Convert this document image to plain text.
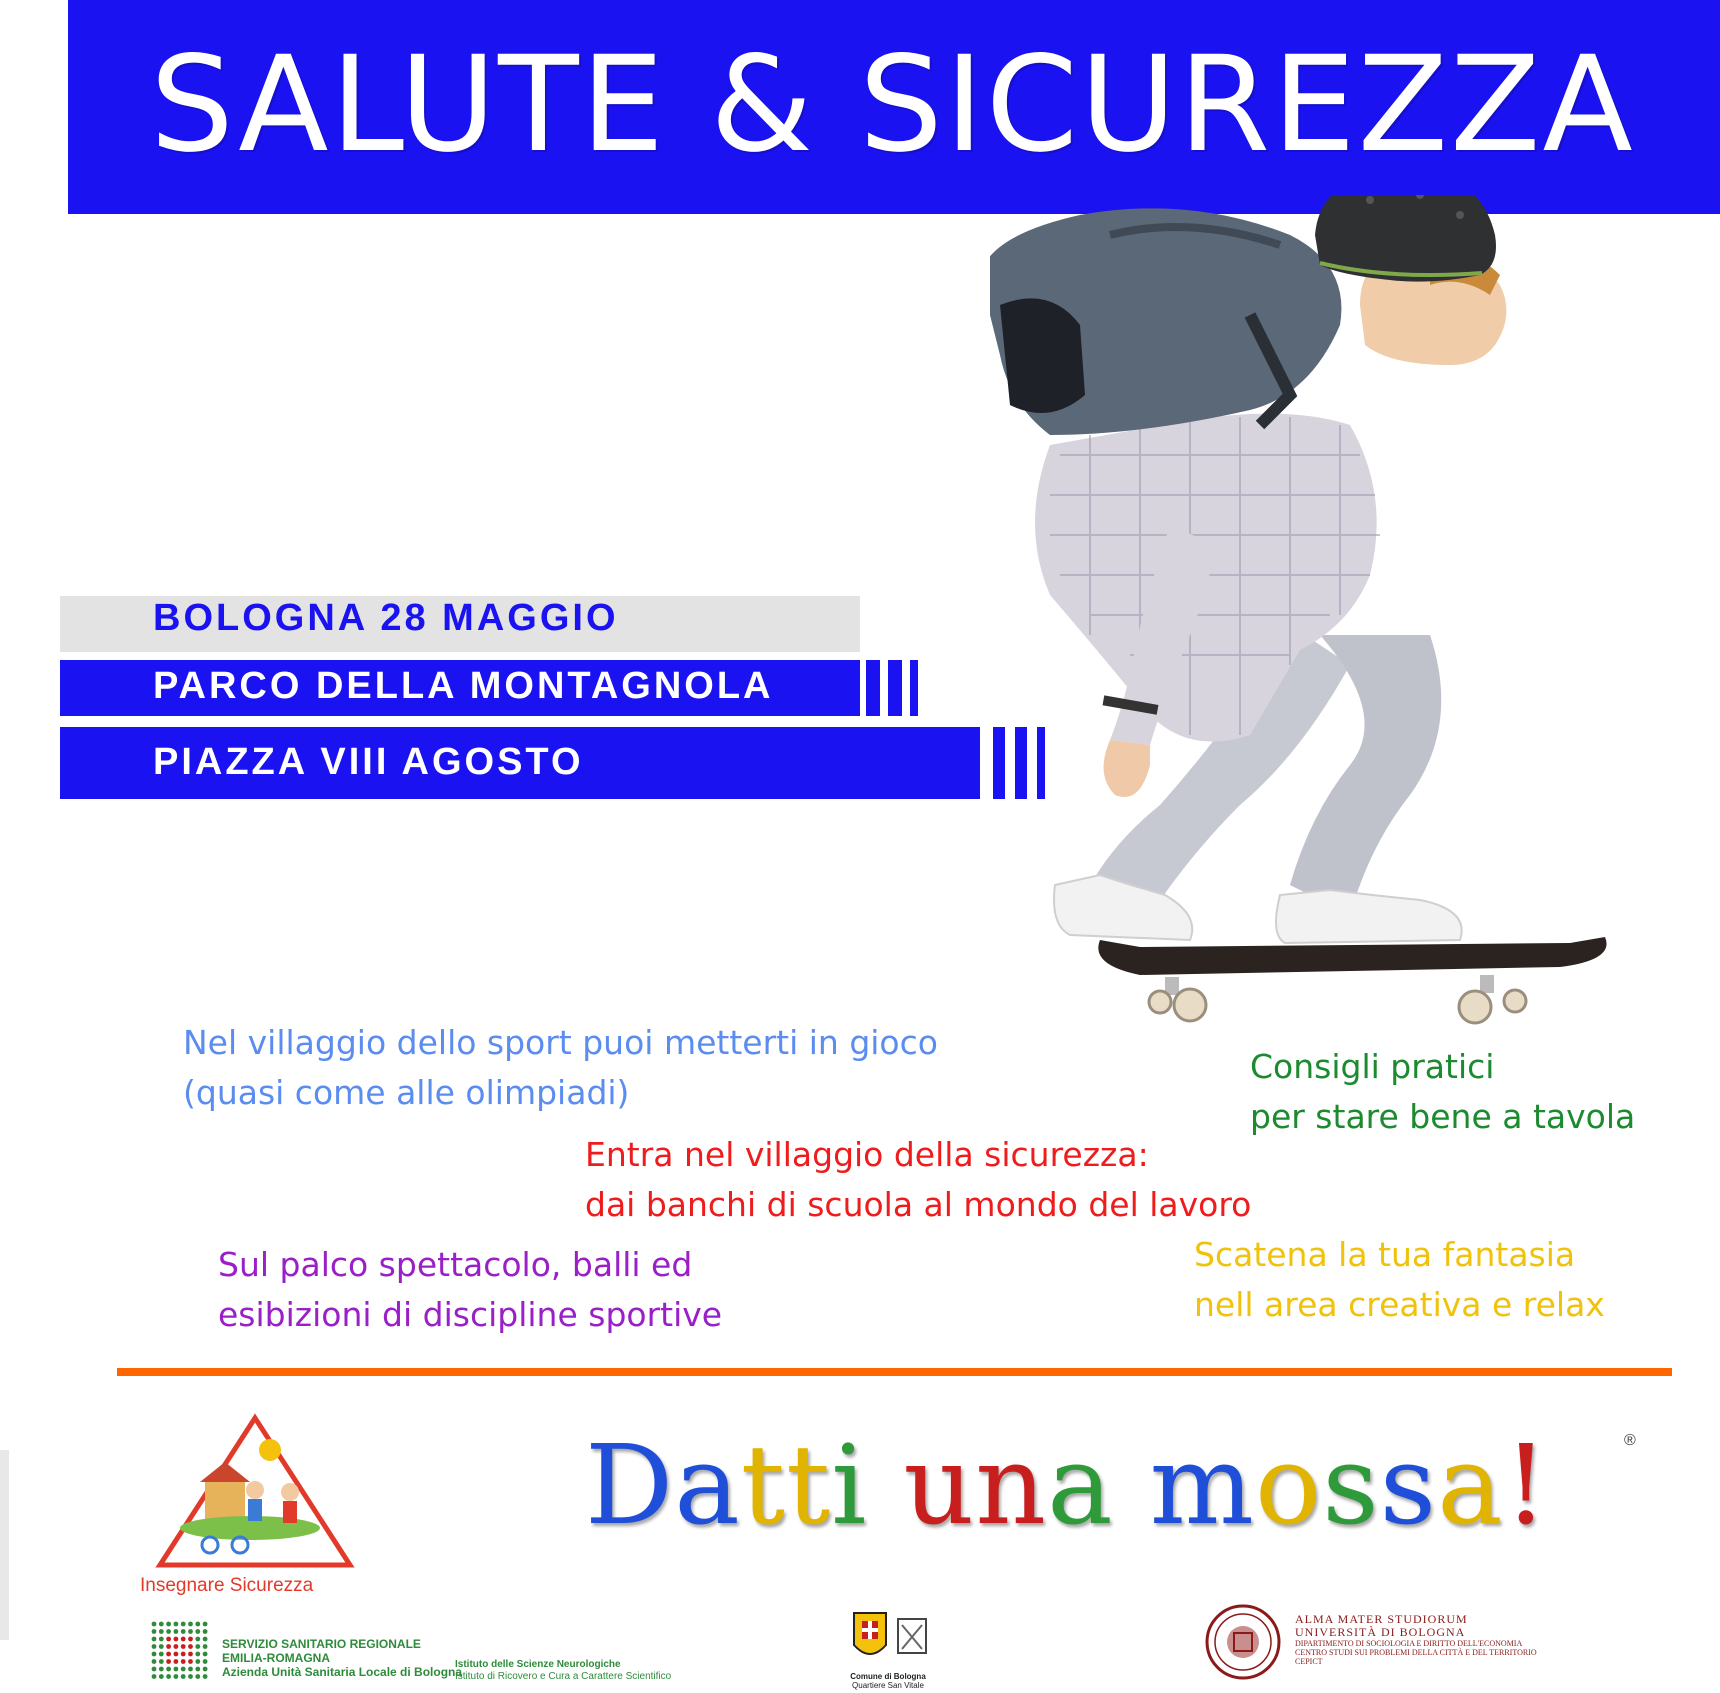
SALUTE & SICUREZZA
BOLOGNA 28 MAGGIO
PARCO DELLA MONTAGNOLA
PIAZZA VIII AGOSTO
Nel villaggio dello sport puoi metterti in gioco
(quasi come alle olimpiadi)
Consigli pratici
per stare bene a tavola
Entra nel villaggio della sicurezza:
dai banchi di scuola al mondo del lavoro
Sul palco spettacolo, balli ed
esibizioni di discipline sportive
Scatena la tua fantasia
nell area creativa e relax
Insegnare Sicurezza
Datti una mossa!	®
SERVIZIO SANITARIO REGIONALE
EMILIA-ROMAGNA
Azienda Unità Sanitaria Locale di Bologna
Istituto delle Scienze Neurologiche
Istituto di Ricovero e Cura a Carattere Scientifico	Comune di Bologna
Quartiere San Vitale
ALMA MATER STUDIORUM
UNIVERSITÀ DI BOLOGNA
DIPARTIMENTO DI SOCIOLOGIA E DIRITTO DELL'ECONOMIA
CENTRO STUDI SUI PROBLEMI DELLA CITTÀ E DEL TERRITORIO
CEPICT
